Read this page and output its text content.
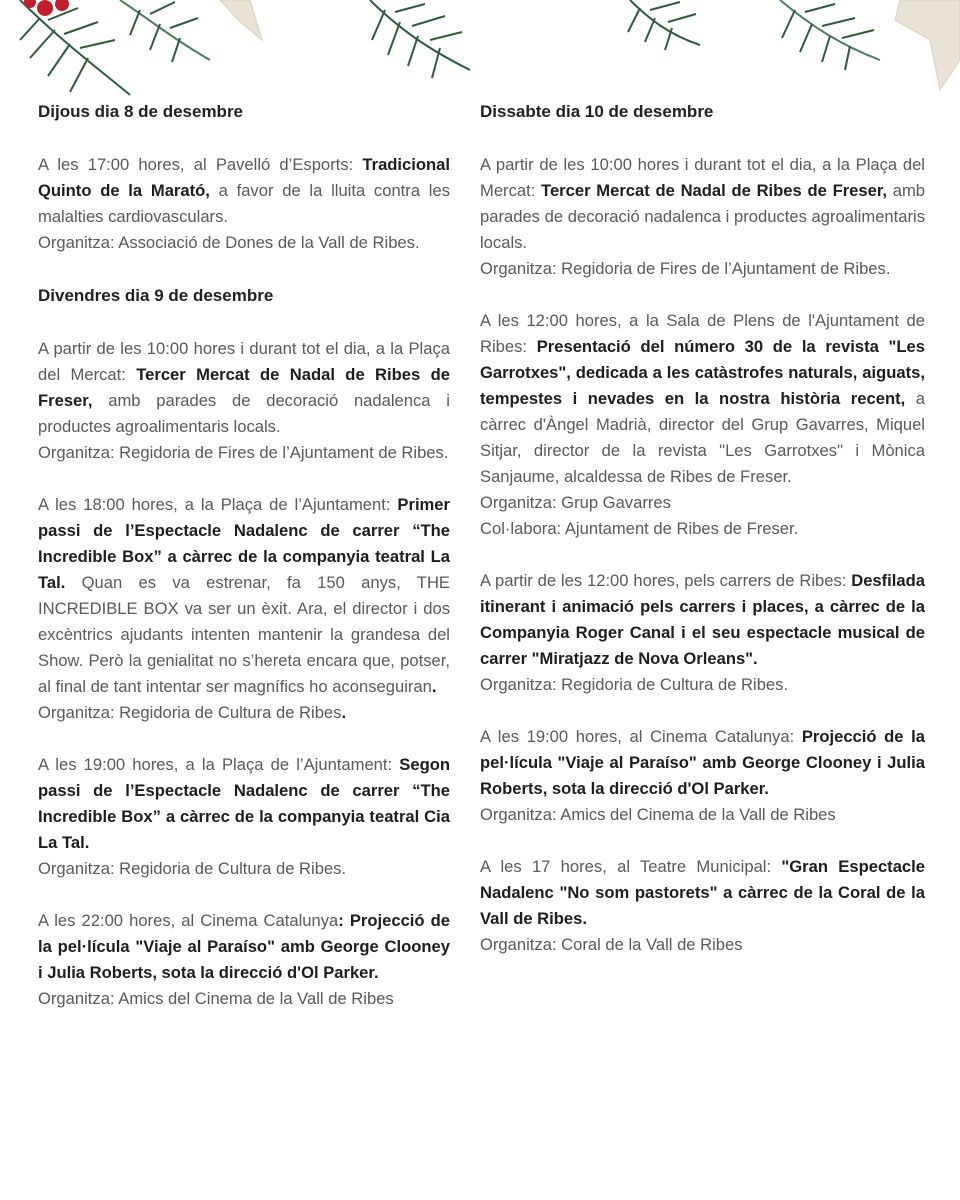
Dijous dia 8 de desembre

A les 17:00 hores, al Pavelló d’Esports: Tradicional Quinto de la Marató, a favor de la lluita contra les malalties cardiovasculars.
Organitza: Associació de Dones de la Vall de Ribes.

Divendres dia 9 de desembre

A partir de les 10:00 hores i durant tot el dia, a la Plaça del Mercat: Tercer Mercat de Nadal de Ribes de Freser, amb parades de decoració nadalenca i productes agroalimentaris locals.
Organitza: Regidoria de Fires de l’Ajuntament de Ribes.

A les 18:00 hores, a la Plaça de l’Ajuntament: Primer passi de l’Espectacle Nadalenc de carrer “The Incredible Box” a càrrec de la companyia teatral La Tal. Quan es va estrenar, fa 150 anys, THE INCREDIBLE BOX va ser un èxit. Ara, el director i dos excèntrics ajudants intenten mantenir la grandesa del Show. Però la genialitat no s’hereta encara que, potser, al final de tant intentar ser magnífics ho aconseguiran.
Organitza: Regidoria de Cultura de Ribes.

A les 19:00 hores, a la Plaça de l’Ajuntament: Segon passi de l’Espectacle Nadalenc de carrer “The Incredible Box” a càrrec de la companyia teatral Cia La Tal.
Organitza: Regidoria de Cultura de Ribes.

A les 22:00 hores, al Cinema Catalunya: Projecció de la pel·lícula "Viaje al Paraíso" amb George Clooney i Julia Roberts, sota la direcció d'Ol Parker.
Organitza: Amics del Cinema de la Vall de Ribes

Dissabte dia 10 de desembre

A partir de les 10:00 hores i durant tot el dia, a la Plaça del Mercat: Tercer Mercat de Nadal de Ribes de Freser, amb parades de decoració nadalenca i productes agroalimentaris locals.
Organitza: Regidoria de Fires de l’Ajuntament de Ribes.

A les 12:00 hores, a la Sala de Plens de l'Ajuntament de Ribes: Presentació del número 30 de la revista "Les Garrotxes", dedicada a les catàstrofes naturals, aiguats, tempestes i nevades en la nostra història recent, a càrrec d'Àngel Madrià, director del Grup Gavarres, Miquel Sitjar, director de la revista "Les Garrotxes" i Mònica Sanjaume, alcaldessa de Ribes de Freser.
Organitza: Grup Gavarres
Col·labora: Ajuntament de Ribes de Freser.

A partir de les 12:00 hores, pels carrers de Ribes: Desfilada itinerant i animació pels carrers i places, a càrrec de la Companyia Roger Canal i el seu espectacle musical de carrer "Miratjazz de Nova Orleans".
Organitza: Regidoria de Cultura de Ribes.

A les 19:00 hores, al Cinema Catalunya: Projecció de la pel·lícula "Viaje al Paraíso" amb George Clooney i Julia Roberts, sota la direcció d'Ol Parker.
Organitza: Amics del Cinema de la Vall de Ribes

A les 17 hores, al Teatre Municipal: "Gran Espectacle Nadalenc "No som pastorets" a càrrec de la Coral de la Vall de Ribes.
Organitza: Coral de la Vall de Ribes
